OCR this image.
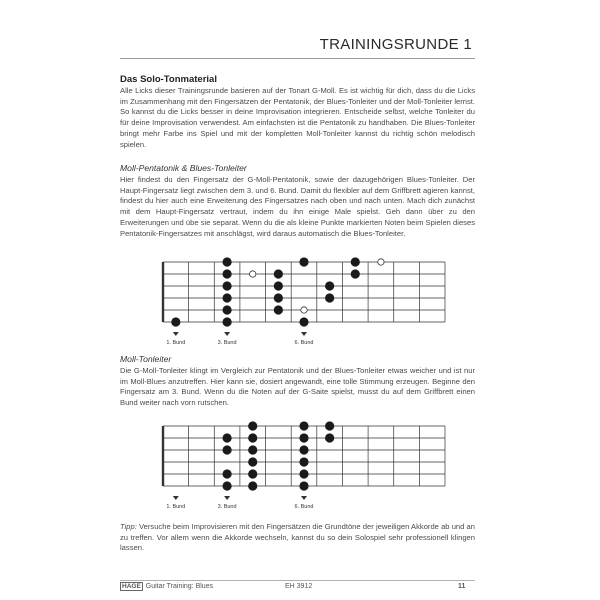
TRAININGSRUNDE 1
Das Solo-Tonmaterial
Alle Licks dieser Trainingsrunde basieren auf der Tonart G-Moll. Es ist wichtig für dich, dass du die Licks im Zusammenhang mit den Fingersätzen der Pentatonik, der Blues-Tonleiter und der Moll-Tonleiter lernst. So kannst du die Licks besser in deine Improvisation integrieren. Entscheide selbst, welche Tonleiter du für deine Improvisation verwendest. Am einfachsten ist die Pentatonik zu handhaben. Die Blues-Tonleiter bringt mehr Farbe ins Spiel und mit der kompletten Moll-Tonleiter kannst du richtig schön melodisch spielen.
Moll-Pentatonik & Blues-Tonleiter
Hier findest du den Fingersatz der G-Moll-Pentatonik, sowie der dazugehörigen Blues-Tonleiter. Der Haupt-Fingersatz liegt zwischen dem 3. und 6. Bund. Damit du flexibler auf dem Griffbrett agieren kannst, findest du hier auch eine Erweiterung des Fingersatzes nach oben und nach unten. Mach dich zunächst mit dem Haupt-Fingersatz vertraut, indem du ihn einige Male spielst. Geh dann über zu den Erweiterungen und übe sie separat. Wenn du die als kleine Punkte markierten Noten beim Spielen dieses Pentatonik-Fingersatzes mit anschlägst, wird daraus automatisch die Blues-Tonleiter.
1. Bund	3. Bund	6. Bund
Moll-Tonleiter
Die G-Moll-Tonleiter klingt im Vergleich zur Pentatonik und der Blues-Tonleiter etwas weicher und ist nur im Moll-Blues anzutreffen. Hier kann sie, dosiert angewandt, eine tolle Stimmung erzeugen. Beginne den Fingersatz am 3. Bund. Wenn du die Noten auf der G-Saite spielst, musst du auf dem Griffbrett einen Bund weiter nach vorn rutschen.
1. Bund	3. Bund	6. Bund
Tipp: Versuche beim Improvisieren mit den Fingersätzen die Grundtöne der jeweiligen Akkorde ab und an zu treffen. Vor allem wenn die Akkorde wechseln, kannst du so dein Solospiel sehr professionell klingen lassen.
HAGE Guitar Training: Blues	EH 3912	11
